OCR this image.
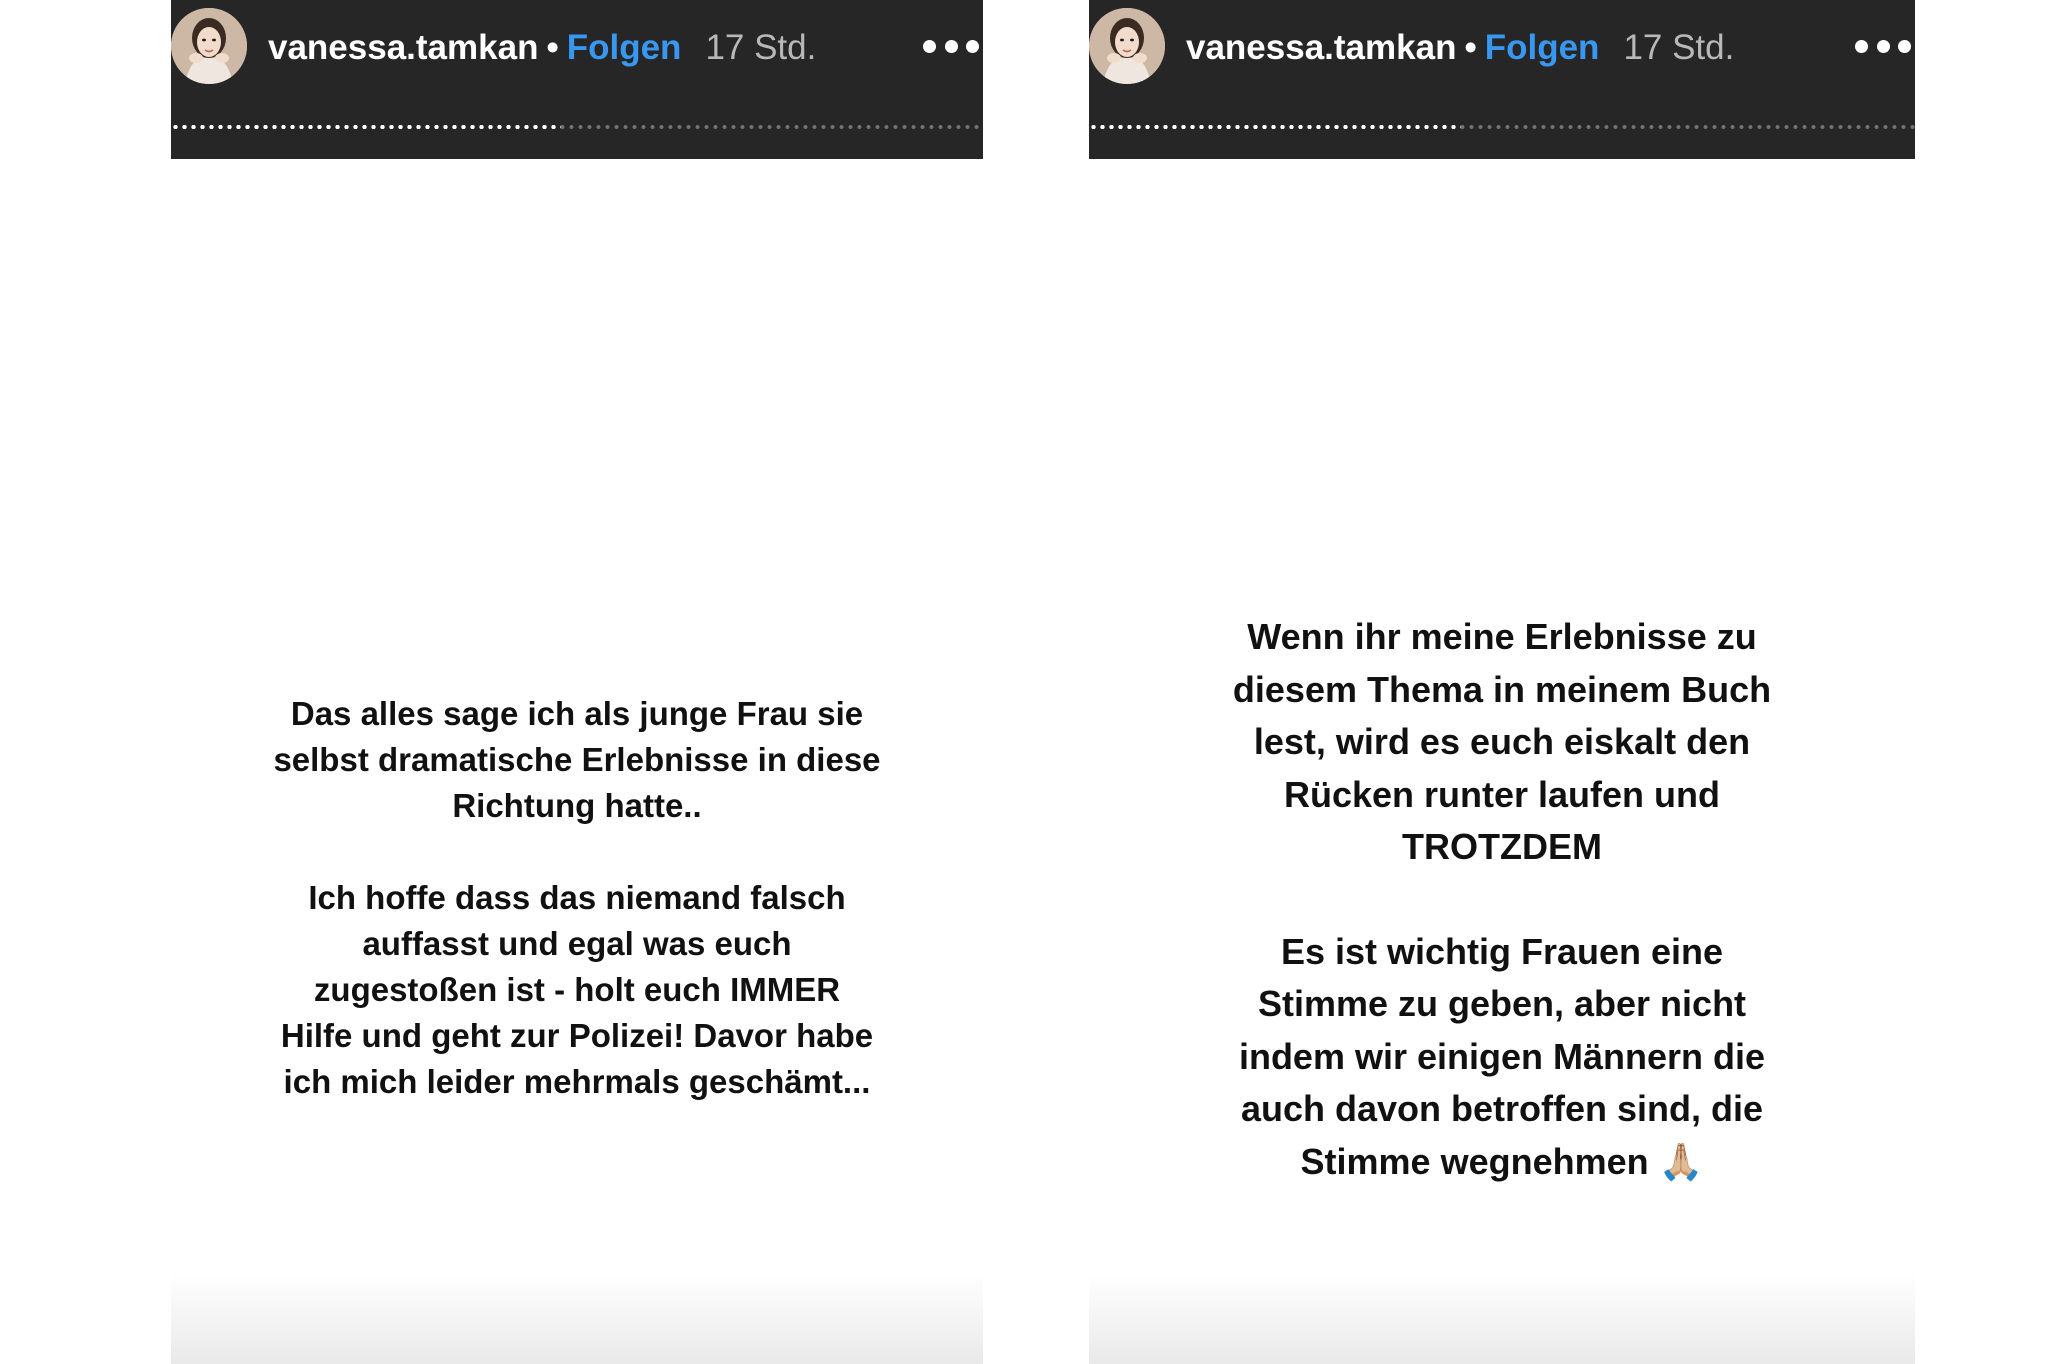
vanessa.tamkan • Folgen 17 Std.

Das alles sage ich als junge Frau sie
selbst dramatische Erlebnisse in diese
Richtung hatte..

Ich hoffe dass das niemand falsch
auffasst und egal was euch
zugestoßen ist - holt euch IMMER
Hilfe und geht zur Polizei! Davor habe
ich mich leider mehrmals geschämt...

vanessa.tamkan • Folgen 17 Std.

Wenn ihr meine Erlebnisse zu
diesem Thema in meinem Buch
lest, wird es euch eiskalt den
Rücken runter laufen und
TROTZDEM

Es ist wichtig Frauen eine
Stimme zu geben, aber nicht
indem wir einigen Männern die
auch davon betroffen sind, die
Stimme wegnehmen 🙏🏼
